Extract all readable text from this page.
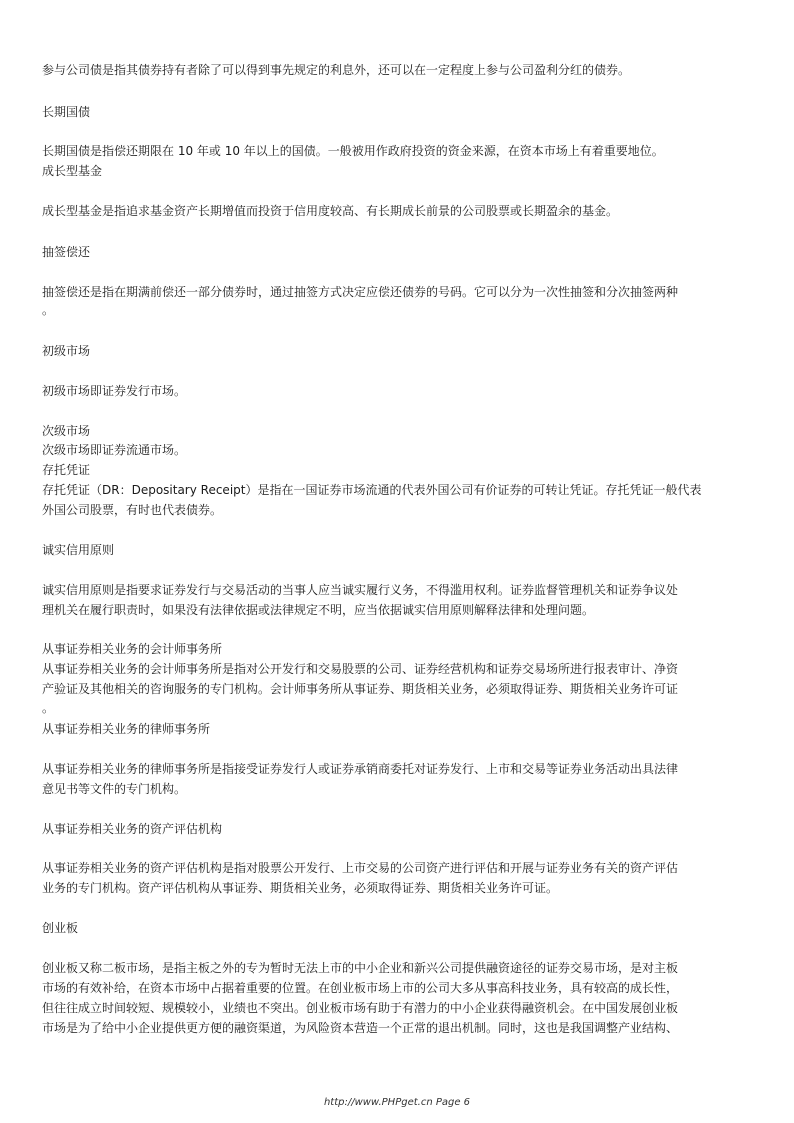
参与公司债是指其债券持有者除了可以得到事先规定的利息外，还可以在一定程度上参与公司盈利分红的债券。
长期国债
长期国债是指偿还期限在 10 年或 10 年以上的国债。一般被用作政府投资的资金来源，在资本市场上有着重要地位。
成长型基金
成长型基金是指追求基金资产长期增值而投资于信用度较高、有长期成长前景的公司股票或长期盈余的基金。
抽签偿还
抽签偿还是指在期满前偿还一部分债券时，通过抽签方式决定应偿还债券的号码。它可以分为一次性抽签和分次抽签两种
。
初级市场
初级市场即证券发行市场。
次级市场
次级市场即证券流通市场。
存托凭证
存托凭证（DR：Depositary Receipt）是指在一国证券市场流通的代表外国公司有价证券的可转让凭证。存托凭证一般代表
外国公司股票，有时也代表债券。
诚实信用原则
诚实信用原则是指要求证券发行与交易活动的当事人应当诚实履行义务，不得滥用权利。证券监督管理机关和证券争议处
理机关在履行职责时，如果没有法律依据或法律规定不明，应当依据诚实信用原则解释法律和处理问题。
从事证券相关业务的会计师事务所
从事证券相关业务的会计师事务所是指对公开发行和交易股票的公司、证券经营机构和证券交易场所进行报表审计、净资
产验证及其他相关的咨询服务的专门机构。会计师事务所从事证券、期货相关业务，必须取得证券、期货相关业务许可证
。
从事证券相关业务的律师事务所
从事证券相关业务的律师事务所是指接受证券发行人或证券承销商委托对证券发行、上市和交易等证券业务活动出具法律
意见书等文件的专门机构。
从事证券相关业务的资产评估机构
从事证券相关业务的资产评估机构是指对股票公开发行、上市交易的公司资产进行评估和开展与证券业务有关的资产评估
业务的专门机构。资产评估机构从事证券、期货相关业务，必须取得证券、期货相关业务许可证。
创业板
创业板又称二板市场，是指主板之外的专为暂时无法上市的中小企业和新兴公司提供融资途径的证券交易市场，是对主板
市场的有效补给，在资本市场中占据着重要的位置。在创业板市场上市的公司大多从事高科技业务，具有较高的成长性，
但往往成立时间较短、规模较小，业绩也不突出。创业板市场有助于有潜力的中小企业获得融资机会。在中国发展创业板
市场是为了给中小企业提供更方便的融资渠道，为风险资本营造一个正常的退出机制。同时，这也是我国调整产业结构、
http://www.PHPget.cn Page 6
